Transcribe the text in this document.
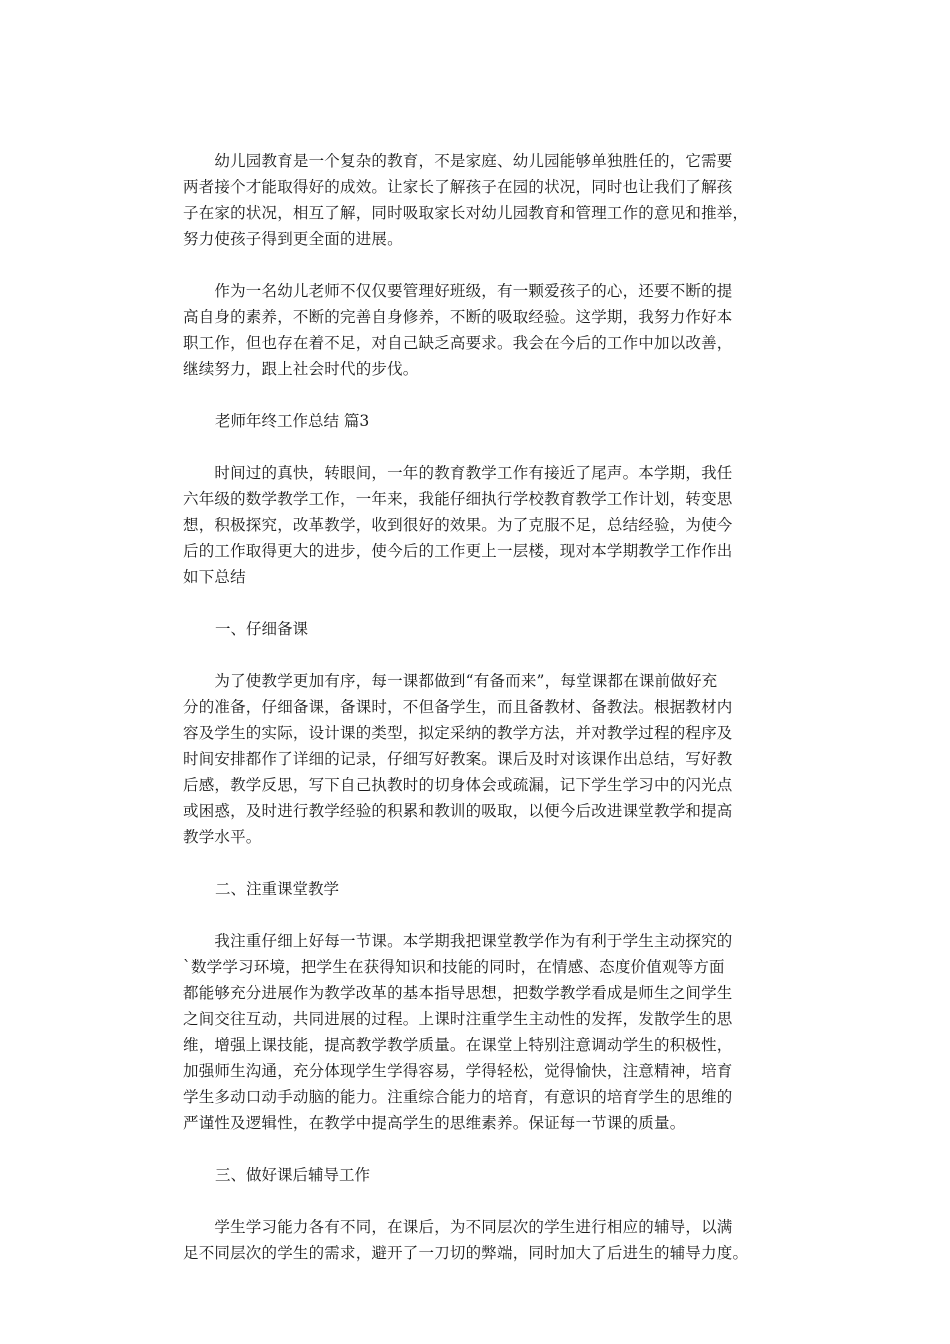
　　幼儿园教育是一个复杂的教育，不是家庭、幼儿园能够单独胜任的，它需要
两者接个才能取得好的成效。让家长了解孩子在园的状况，同时也让我们了解孩
子在家的状况，相互了解，同时吸取家长对幼儿园教育和管理工作的意见和推举，
努力使孩子得到更全面的进展。

　　作为一名幼儿老师不仅仅要管理好班级，有一颗爱孩子的心，还要不断的提
高自身的素养，不断的完善自身修养，不断的吸取经验。这学期，我努力作好本
职工作，但也存在着不足，对自己缺乏高要求。我会在今后的工作中加以改善，
继续努力，跟上社会时代的步伐。

老师年终工作总结 篇3

　　时间过的真快，转眼间，一年的教育教学工作有接近了尾声。本学期，我任
六年级的数学教学工作，一年来，我能仔细执行学校教育教学工作计划，转变思
想，积极探究，改革教学，收到很好的效果。为了克服不足，总结经验，为使今
后的工作取得更大的进步，使今后的工作更上一层楼，现对本学期教学工作作出
如下总结

一、仔细备课

　　为了使教学更加有序，每一课都做到“有备而来”，每堂课都在课前做好充
分的准备，仔细备课，备课时，不但备学生，而且备教材、备教法。根据教材内
容及学生的实际，设计课的类型，拟定采纳的教学方法，并对教学过程的程序及
时间安排都作了详细的记录，仔细写好教案。课后及时对该课作出总结，写好教
后感，教学反思，写下自己执教时的切身体会或疏漏，记下学生学习中的闪光点
或困惑，及时进行教学经验的积累和教训的吸取，以便今后改进课堂教学和提高
教学水平。

二、注重课堂教学

　　我注重仔细上好每一节课。本学期我把课堂教学作为有利于学生主动探究的
`数学学习环境，把学生在获得知识和技能的同时，在情感、态度价值观等方面
都能够充分进展作为教学改革的基本指导思想，把数学教学看成是师生之间学生
之间交往互动，共同进展的过程。上课时注重学生主动性的发挥，发散学生的思
维，增强上课技能，提高教学教学质量。在课堂上特别注意调动学生的积极性，
加强师生沟通，充分体现学生学得容易，学得轻松，觉得愉快，注意精神，培育
学生多动口动手动脑的能力。注重综合能力的培育，有意识的培育学生的思维的
严谨性及逻辑性，在教学中提高学生的思维素养。保证每一节课的质量。

三、做好课后辅导工作

　　学生学习能力各有不同，在课后，为不同层次的学生进行相应的辅导，以满
足不同层次的学生的需求，避开了一刀切的弊端，同时加大了后进生的辅导力度。
